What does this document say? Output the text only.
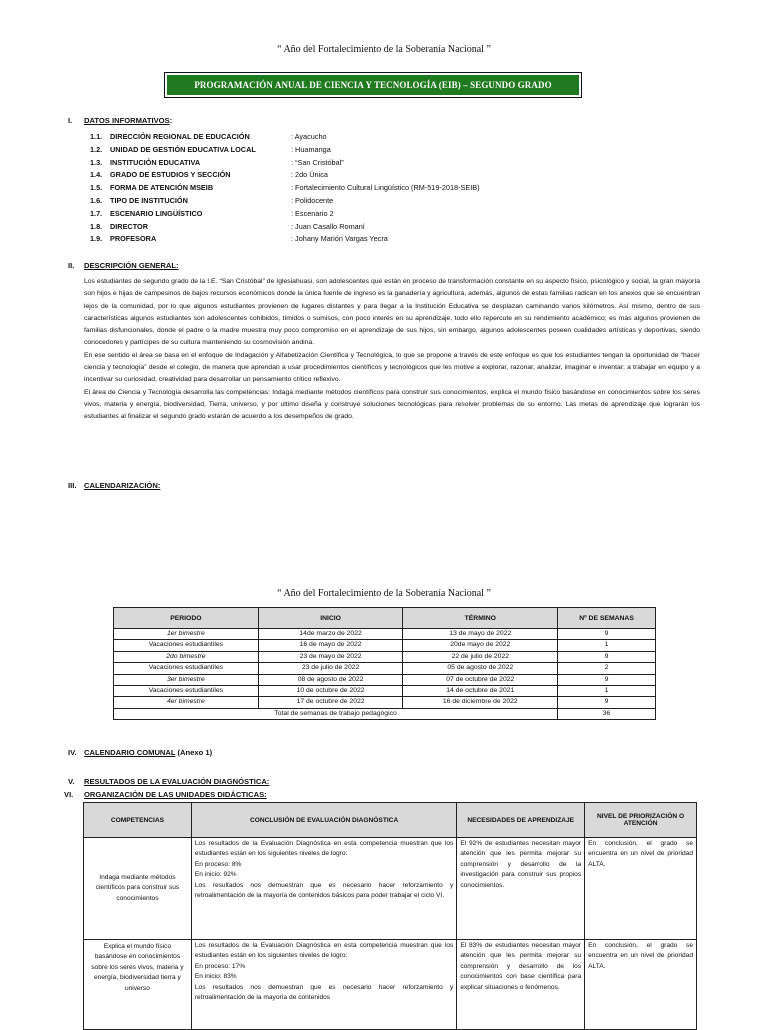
“ Año del Fortalecimiento de la Soberanía Nacional ”
PROGRAMACIÓN ANUAL DE CIENCIA Y TECNOLOGÍA (EIB) – SEGUNDO GRADO
I. DATOS INFORMATIVOS:
1.1.	DIRECCIÓN REGIONAL DE EDUCACIÓN	: Ayacucho
1.2.	UNIDAD DE GESTIÓN EDUCATIVA LOCAL	: Huamanga
1.3.	INSTITUCIÓN EDUCATIVA	: “San Cristóbal”
1.4.	GRADO DE ESTUDIOS Y SECCIÓN	: 2do Única
1.5.	FORMA DE ATENCIÓN MSEIB	: Fortalecimiento Cultural Lingüístico (RM-519-2018-SEIB)
1.6.	TIPO DE INSTITUCIÓN	: Polidocente
1.7.	ESCENARIO LINGÜÍSTICO	: Escenario 2
1.8.	DIRECTOR	: Juan Casallo Romaní
1.9.	PROFESORA	: Johany Marión Vargas Yecra
II. DESCRIPCIÓN GENERAL:

Los estudiantes de segundo grado de la I.E. “San Cristóbal” de Iglesiahuasi, son adolescentes que están en proceso de transformación constante en su aspecto físico, psicológico y social, la gran mayoría son hijos e hijas de campesinos de bajos recursos económicos donde la única fuente de ingreso es la ganadería y agricultura, además, algunos de estas familias radican en los anexos que se encuentran lejos de la comunidad, por lo que algunos estudiantes provienen de lugares distantes y para llegar a la Institución Educativa se desplazan caminando varios kilómetros. Así mismo, dentro de sus características algunos estudiantes son adolescentes cohibidos, tímidos o sumisos, con poco interés en su aprendizaje, todo ello repercute en su rendimiento académico; es más algunos provienen de familias disfuncionales, donde el padre o la madre muestra muy poco compromiso en el aprendizaje de sus hijos, sin embargo, algunos adolescentes poseen cualidades artísticas y deportivas, siendo conocedores y partícipes de su cultura manteniendo su cosmovisión andina.

En ese sentido el área se basa en el enfoque de Indagación y Alfabetización Científica y Tecnológica, lo que se propone a través de este enfoque es que los estudiantes tengan la oportunidad de “hacer ciencia y tecnología” desde el colegio, de manera que aprendan a usar procedimientos científicos y tecnológicos que les motive a explorar, razonar, analizar, imaginar e inventar; a trabajar en equipo y a incentivar su curiosidad, creatividad para desarrollar un pensamiento crítico reflexivo.

El área de Ciencia y Tecnología desarrolla las competencias: Indaga mediante métodos científicos para construir sus conocimientos, explica el mundo físico basándose en conocimientos sobre los seres vivos, materia y energía, biodiversidad, Tierra, universo, y por ultimo diseña y construye soluciones tecnológicas para resolver problemas de su entorno. Las metas de aprendizaje que lograrán los estudiantes al finalizar el segundo grado estarán de acuerdo a los desempeños de grado.

III. CALENDARIZACIÓN:
“ Año del Fortalecimiento de la Soberanía Nacional ”
PERIODO	INICIO	TÉRMINO	Nº DE SEMANAS
1er bimestre	14de marzo de 2022	13 de mayo de 2022	9
Vacaciones estudiantiles	16 de mayo de 2022	20de mayo de 2022	1
2do bimestre	23 de mayo de 2022	22 de julio de 2022	9
Vacaciones estudiantiles	23 de julio de 2022	05 de agosto de 2022	2
3er bimestre	08 de agosto de 2022	07 de octubre de 2022	9
Vacaciones estudiantiles	10 de octubre de 2022	14 de octubre de 2021	1
4er bimestre	17 de octubre de 2022	16 de diciembre de 2022	9
Total de semanas de trabajo pedagógico			36
IV. CALENDARIO COMUNAL (Anexo 1)
V. RESULTADOS DE LA EVALUACIÓN DIAGNÓSTICA:
VI. ORGANIZACIÓN DE LAS UNIDADES DIDÁCTICAS:
COMPETENCIAS	CONCLUSIÓN DE EVALUACIÓN DIAGNÓSTICA	NECESIDADES DE APRENDIZAJE	NIVEL DE PRIORIZACIÓN O ATENCIÓN
Indaga mediante métodos científicos para construir sus conocimientos	Los resultados de la Evaluación Diagnóstica en esta competencia muestran que los estudiantes están en los siguientes niveles de logro:
En proceso: 8%
En inicio: 92%
Los resultados nos demuestran que es necesario hacer reforzamiento y retroalimentación de la mayoría de contenidos básicos para poder trabajar el ciclo VI.	El 92% de estudiantes necesitan mayor atención que les permita mejorar su comprensión y desarrollo de la investigación para construir sus propios conocimientos.	En conclusión, el grado se encuentra en un nivel de prioridad ALTA.
Explica el mundo físico basándose en conocimientos sobre los seres vivos, materia y energía, biodiversidad tierra y universo	Los resultados de la Evaluación Diagnóstica en esta competencia muestran que los estudiantes están en los siguientes niveles de logro:
En proceso: 17%
En inicio: 83%
Los resultados nos demuestran que es necesario hacer reforzamiento y retroalimentación de la mayoría de contenidos	El 83% de estudiantes necesitan mayor atención que les permita mejorar su comprensión y desarrollo de los conocimientos con base científica para explicar situaciones o fenómenos.	En conclusión, el grado se encuentra en un nivel de prioridad ALTA.
